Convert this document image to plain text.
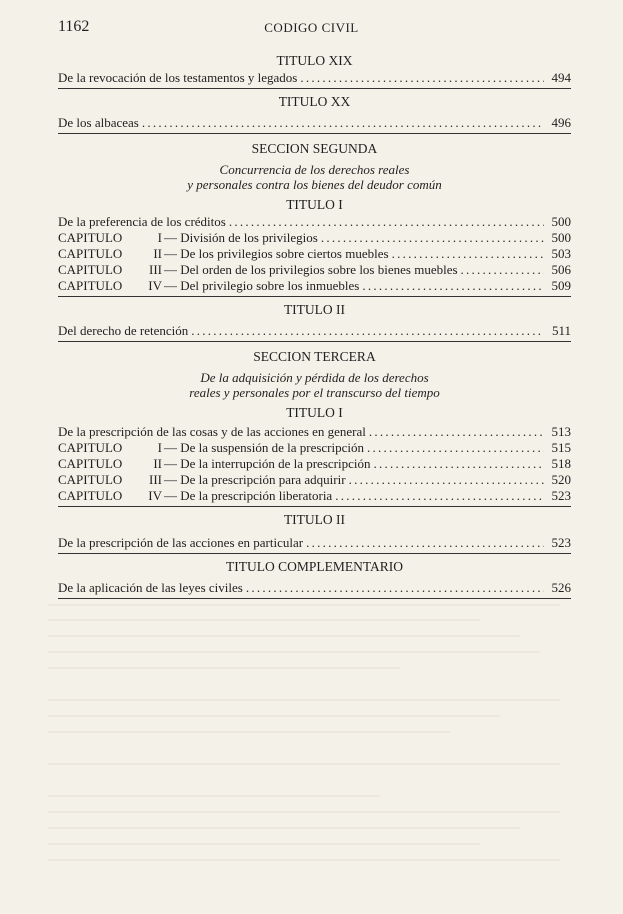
1162	CODIGO CIVIL
TITULO XIX
De la revocación de los testamentos y legados . . .	494
TITULO XX
De los albaceas . . .	496
SECCION SEGUNDA
Concurrencia de los derechos reales
y personales contra los bienes del deudor común
TITULO I
De la preferencia de los créditos . . .	500
CAPITULO	I — División de los privilegios . . .	500
CAPITULO	II — De los privilegios sobre ciertos muebles . . .	503
CAPITULO	III — Del orden de los privilegios sobre los bienes muebles . . .	506
CAPITULO	IV — Del privilegio sobre los inmuebles . . .	509
TITULO II
Del derecho de retención . . .	511
SECCION TERCERA
De la adquisición y pérdida de los derechos
reales y personales por el transcurso del tiempo
TITULO I
De la prescripción de las cosas y de las acciones en general . . .	513
CAPITULO	I — De la suspensión de la prescripción . . .	515
CAPITULO	II — De la interrupción de la prescripción . . .	518
CAPITULO	III — De la prescripción para adquirir . . .	520
CAPITULO	IV — De la prescripción liberatoria . . .	523
TITULO II
De la prescripción de las acciones en particular . . .	523
TITULO COMPLEMENTARIO
De la aplicación de las leyes civiles . . .	526
